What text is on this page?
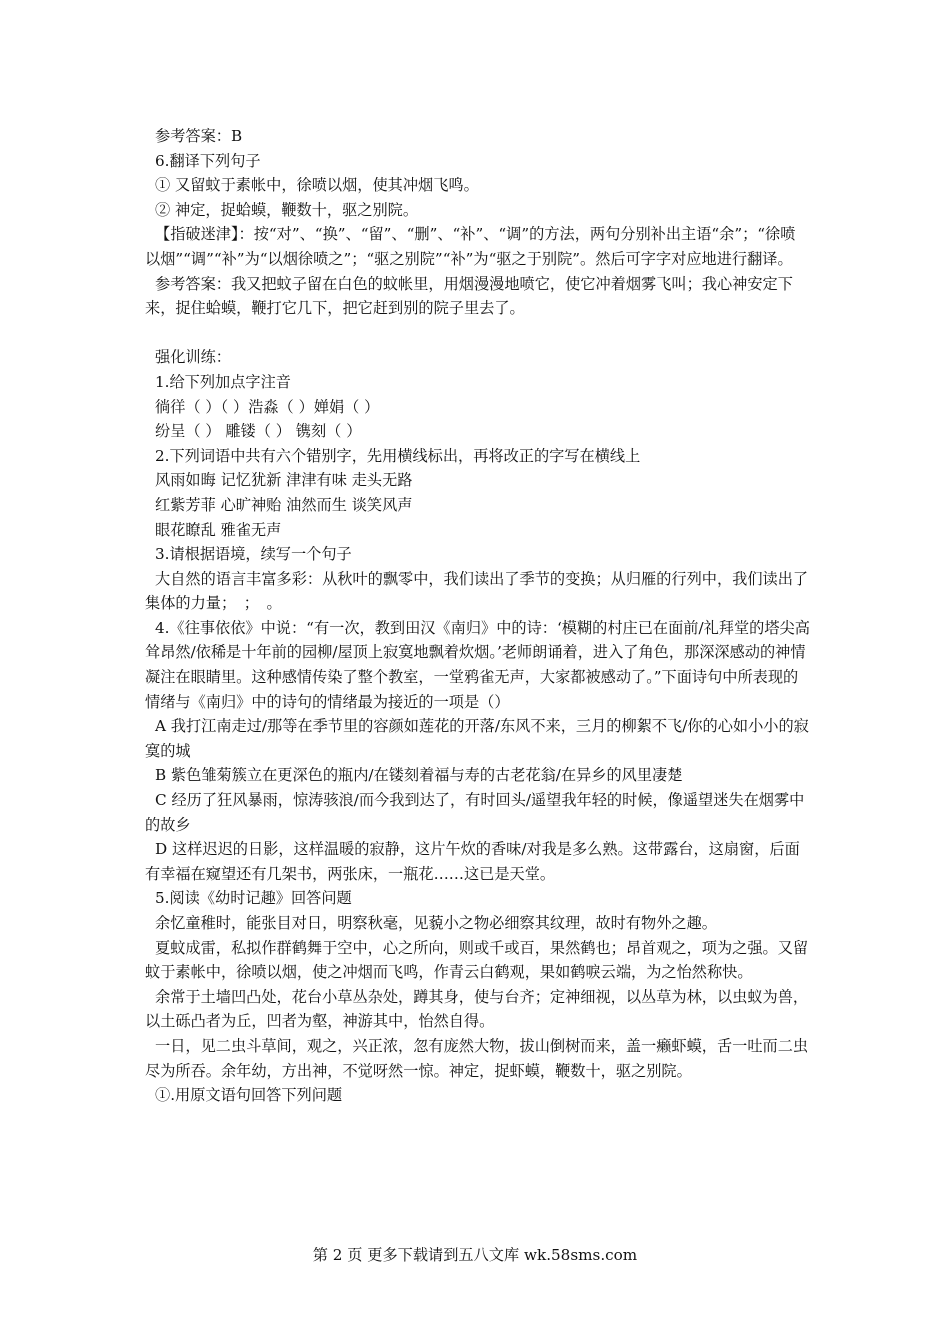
参考答案：B

6.翻译下列句子

① 又留蚊于素帐中，徐喷以烟，使其冲烟飞鸣。

② 神定，捉蛤蟆，鞭数十，驱之别院。

【指破迷津】：按“对”、“换”、“留”、“删”、“补”、“调”的方法，两句分别补出主语“余”；“徐喷以烟”“调”“补”为“以烟徐喷之”；“驱之别院”“补”为“驱之于别院”。然后可字字对应地进行翻译。

参考答案：我又把蚊子留在白色的蚊帐里，用烟漫漫地喷它，使它冲着烟雾飞叫；我心神安定下来，捉住蛤蟆，鞭打它几下，把它赶到别的院子里去了。

强化训练：

1.给下列加点字注音

徜徉（ ）（ ）浩淼（ ）婵娟（ ）

纷呈（ ） 雕镂（ ） 镌刻（ ）

2.下列词语中共有六个错别字，先用横线标出，再将改正的字写在横线上

风雨如晦 记忆犹新 津津有味 走头无路

红紫芳菲 心旷神贻 油然而生 谈笑风声

眼花瞭乱 雅雀无声

3.请根据语境，续写一个句子

大自然的语言丰富多彩：从秋叶的飘零中，我们读出了季节的变换；从归雁的行列中，我们读出了集体的力量；　；　。

4.《往事依依》中说：“有一次，教到田汉《南归》中的诗：‘模糊的村庄已在面前/礼拜堂的塔尖高耸昂然/依稀是十年前的园柳/屋顶上寂寞地飘着炊烟。’老师朗诵着，进入了角色，那深深感动的神情凝注在眼睛里。这种感情传染了整个教室，一堂鸦雀无声，大家都被感动了。”下面诗句中所表现的情绪与《南归》中的诗句的情绪最为接近的一项是（）

A 我打江南走过/那等在季节里的容颜如莲花的开落/东风不来，三月的柳絮不飞/你的心如小小的寂寞的城

B 紫色雏菊簇立在更深色的瓶内/在镂刻着福与寿的古老花翁/在异乡的风里凄楚

C 经历了狂风暴雨，惊涛骇浪/而今我到达了，有时回头/遥望我年轻的时候，像遥望迷失在烟雾中的故乡

D 这样迟迟的日影，这样温暖的寂静，这片午炊的香味/对我是多么熟。这带露台，这扇窗，后面有幸福在窥望还有几架书，两张床，一瓶花……这已是天堂。

5.阅读《幼时记趣》回答问题

余忆童稚时，能张目对日，明察秋毫，见藐小之物必细察其纹理，故时有物外之趣。

夏蚊成雷，私拟作群鹤舞于空中，心之所向，则或千或百，果然鹤也；昂首观之，项为之强。又留蚊于素帐中，徐喷以烟，使之冲烟而飞鸣，作青云白鹤观，果如鹤唳云端，为之怡然称快。

余常于土墙凹凸处，花台小草丛杂处，蹲其身，使与台齐；定神细视，以丛草为林，以虫蚁为兽，以土砾凸者为丘，凹者为壑，神游其中，怡然自得。

一日，见二虫斗草间，观之，兴正浓，忽有庞然大物，拔山倒树而来，盖一癞虾蟆，舌一吐而二虫尽为所吞。余年幼，方出神，不觉呀然一惊。神定，捉虾蟆，鞭数十，驱之别院。

①.用原文语句回答下列问题

第 2 页 更多下载请到五八文库 wk.58sms.com
